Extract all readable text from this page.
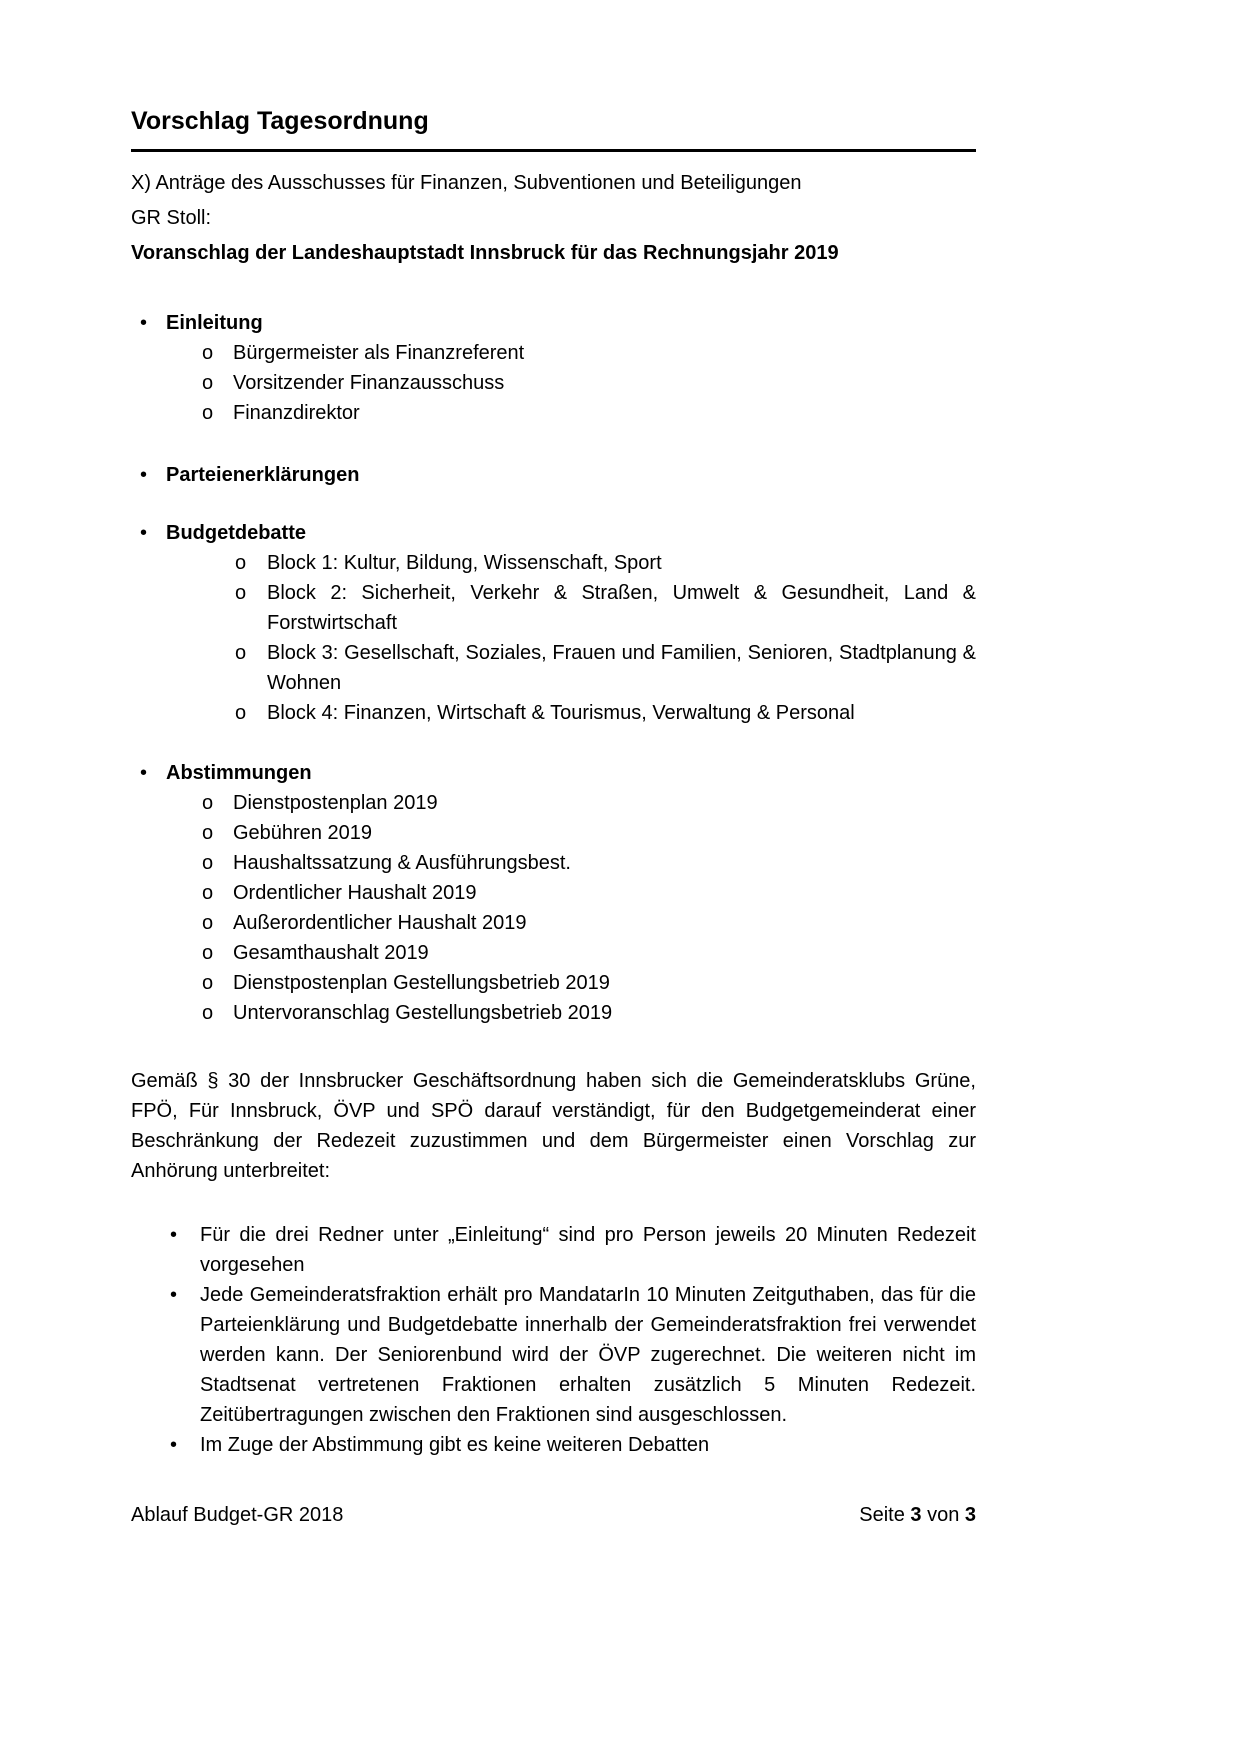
Vorschlag Tagesordnung

X) Anträge des Ausschusses für Finanzen, Subventionen und Beteiligungen

GR Stoll:

Voranschlag der Landeshauptstadt Innsbruck für das Rechnungsjahr 2019

• Einleitung
o Bürgermeister als Finanzreferent
o Vorsitzender Finanzausschuss
o Finanzdirektor
• Parteienerklärungen
• Budgetdebatte
o	Block 1: Kultur, Bildung, Wissenschaft, Sport
o	Block 2: Sicherheit, Verkehr & Straßen, Umwelt & Gesundheit, Land & Forstwirtschaft
o	Block 3: Gesellschaft, Soziales, Frauen und Familien, Senioren, Stadtplanung & Wohnen
o	Block 4: Finanzen, Wirtschaft & Tourismus, Verwaltung & Personal
• Abstimmungen
o Dienstpostenplan 2019
o Gebühren 2019
o Haushaltssatzung & Ausführungsbest.
o Ordentlicher Haushalt 2019
o Außerordentlicher Haushalt 2019
o Gesamthaushalt 2019
o Dienstpostenplan Gestellungsbetrieb 2019
o Untervoranschlag Gestellungsbetrieb 2019

Gemäß § 30 der Innsbrucker Geschäftsordnung haben sich die Gemeinderatsklubs Grüne, FPÖ, Für Innsbruck, ÖVP und SPÖ darauf verständigt, für den Budgetgemeinderat einer Beschränkung der Redezeit zuzustimmen und dem Bürgermeister einen Vorschlag zur Anhörung unterbreitet:

•	Für die drei Redner unter „Einleitung“ sind pro Person jeweils 20 Minuten Redezeit vorgesehen
•	Jede Gemeinderatsfraktion erhält pro MandatarIn 10 Minuten Zeitguthaben, das für die Parteienklärung und Budgetdebatte innerhalb der Gemeinderatsfraktion frei verwendet werden kann. Der Seniorenbund wird der ÖVP zugerechnet. Die weiteren nicht im Stadtsenat vertretenen Fraktionen erhalten zusätzlich 5 Minuten Redezeit. Zeitübertragungen zwischen den Fraktionen sind ausgeschlossen.
•	Im Zuge der Abstimmung gibt es keine weiteren Debatten
Ablauf Budget-GR 2018	Seite 3 von 3
